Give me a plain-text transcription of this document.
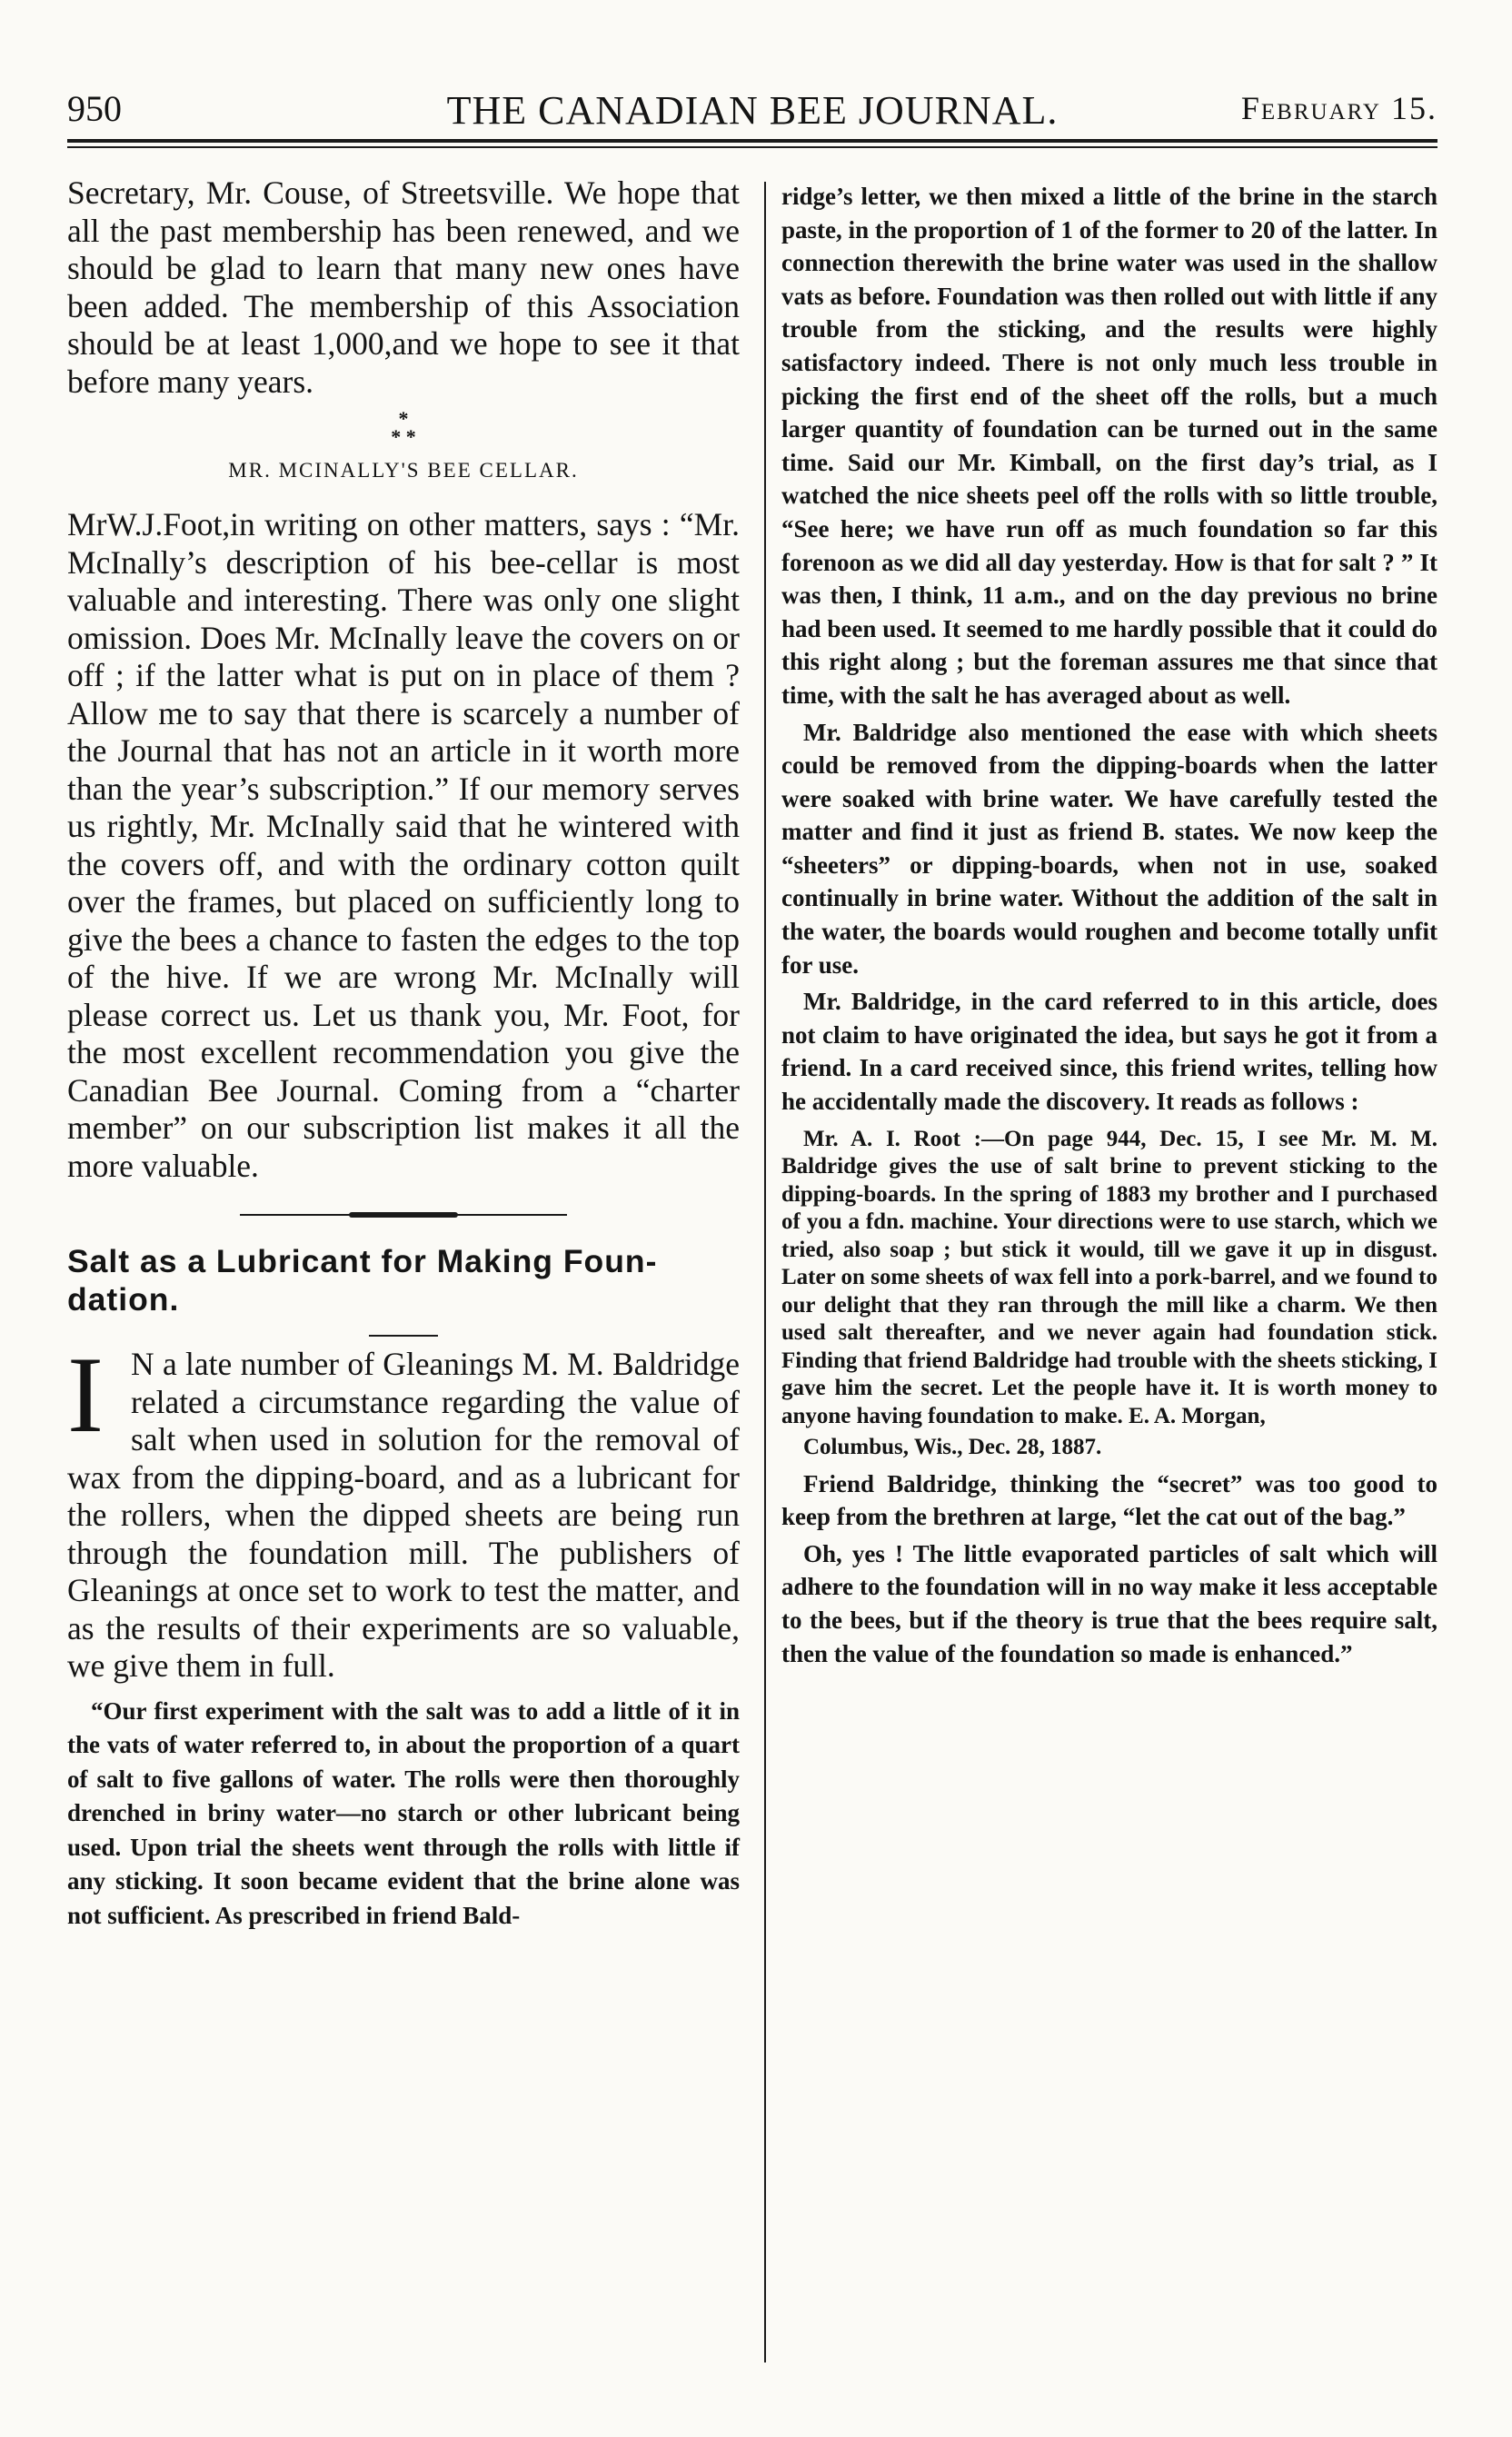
950	THE CANADIAN BEE JOURNAL.	February 15.

Secretary, Mr. Couse, of Streetsville. We hope that all the past membership has been renewed, and we should be glad to learn that many new ones have been added. The membership of this Association should be at least 1,000,and we hope to see it that before many years.

*
* *
MR. MCINALLY'S BEE CELLAR.

MrW.J.Foot,in writing on other matters, says : “Mr. McInally’s description of his bee-cellar is most valuable and interesting. There was only one slight omission. Does Mr. McInally leave the covers on or off ; if the latter what is put on in place of them ? Allow me to say that there is scarcely a number of the Journal that has not an article in it worth more than the year’s subscription.” If our memory serves us rightly, Mr. McInally said that he wintered with the covers off, and with the ordinary cotton quilt over the frames, but placed on sufficiently long to give the bees a chance to fasten the edges to the top of the hive. If we are wrong Mr. McInally will please correct us. Let us thank you, Mr. Foot, for the most excellent recommendation you give the Canadian Bee Journal. Coming from a “charter member” on our subscription list makes it all the more valuable.

Salt as a Lubricant for Making Foun-

dation.

I N a late number of Gleanings M. M. Baldridge related a circumstance regarding the value of salt when used in solution for the removal of wax from the dipping-board, and as a lubricant for the rollers, when the dipped sheets are being run through the foundation mill. The publishers of Gleanings at once set to work to test the matter, and as the results of their experiments are so valuable, we give them in full.

“Our first experiment with the salt was to add a little of it in the vats of water referred to, in about the proportion of a quart of salt to five gallons of water. The rolls were then thoroughly drenched in briny water—no starch or other lubricant being used. Upon trial the sheets went through the rolls with little if any sticking. It soon became evident that the brine alone was not sufficient. As prescribed in friend Bald-

ridge’s letter, we then mixed a little of the brine in the starch paste, in the proportion of 1 of the former to 20 of the latter. In connection therewith the brine water was used in the shallow vats as before. Foundation was then rolled out with little if any trouble from the sticking, and the results were highly satisfactory indeed. There is not only much less trouble in picking the first end of the sheet off the rolls, but a much larger quantity of foundation can be turned out in the same time. Said our Mr. Kimball, on the first day’s trial, as I watched the nice sheets peel off the rolls with so little trouble, “See here; we have run off as much foundation so far this forenoon as we did all day yesterday. How is that for salt ? ” It was then, I think, 11 a.m., and on the day previous no brine had been used. It seemed to me hardly possible that it could do this right along ; but the foreman assures me that since that time, with the salt he has averaged about as well.

Mr. Baldridge also mentioned the ease with which sheets could be removed from the dipping-boards when the latter were soaked with brine water. We have carefully tested the matter and find it just as friend B. states. We now keep the “sheeters” or dipping-boards, when not in use, soaked continually in brine water. Without the addition of the salt in the water, the boards would roughen and become totally unfit for use.

Mr. Baldridge, in the card referred to in this article, does not claim to have originated the idea, but says he got it from a friend. In a card received since, this friend writes, telling how he accidentally made the discovery. It reads as follows :

Mr. A. I. Root :—On page 944, Dec. 15, I see Mr. M. M. Baldridge gives the use of salt brine to prevent sticking to the dipping-boards. In the spring of 1883 my brother and I purchased of you a fdn. machine. Your directions were to use starch, which we tried, also soap ; but stick it would, till we gave it up in disgust. Later on some sheets of wax fell into a pork-barrel, and we found to our delight that they ran through the mill like a charm. We then used salt thereafter, and we never again had foundation stick. Finding that friend Baldridge had trouble with the sheets sticking, I gave him the secret. Let the people have it. It is worth money to anyone having foundation to make. E. A. Morgan,

Columbus, Wis., Dec. 28, 1887.

Friend Baldridge, thinking the “secret” was too good to keep from the brethren at large, “let the cat out of the bag.”

Oh, yes ! The little evaporated particles of salt which will adhere to the foundation will in no way make it less acceptable to the bees, but if the theory is true that the bees require salt, then the value of the foundation so made is enhanced.”
